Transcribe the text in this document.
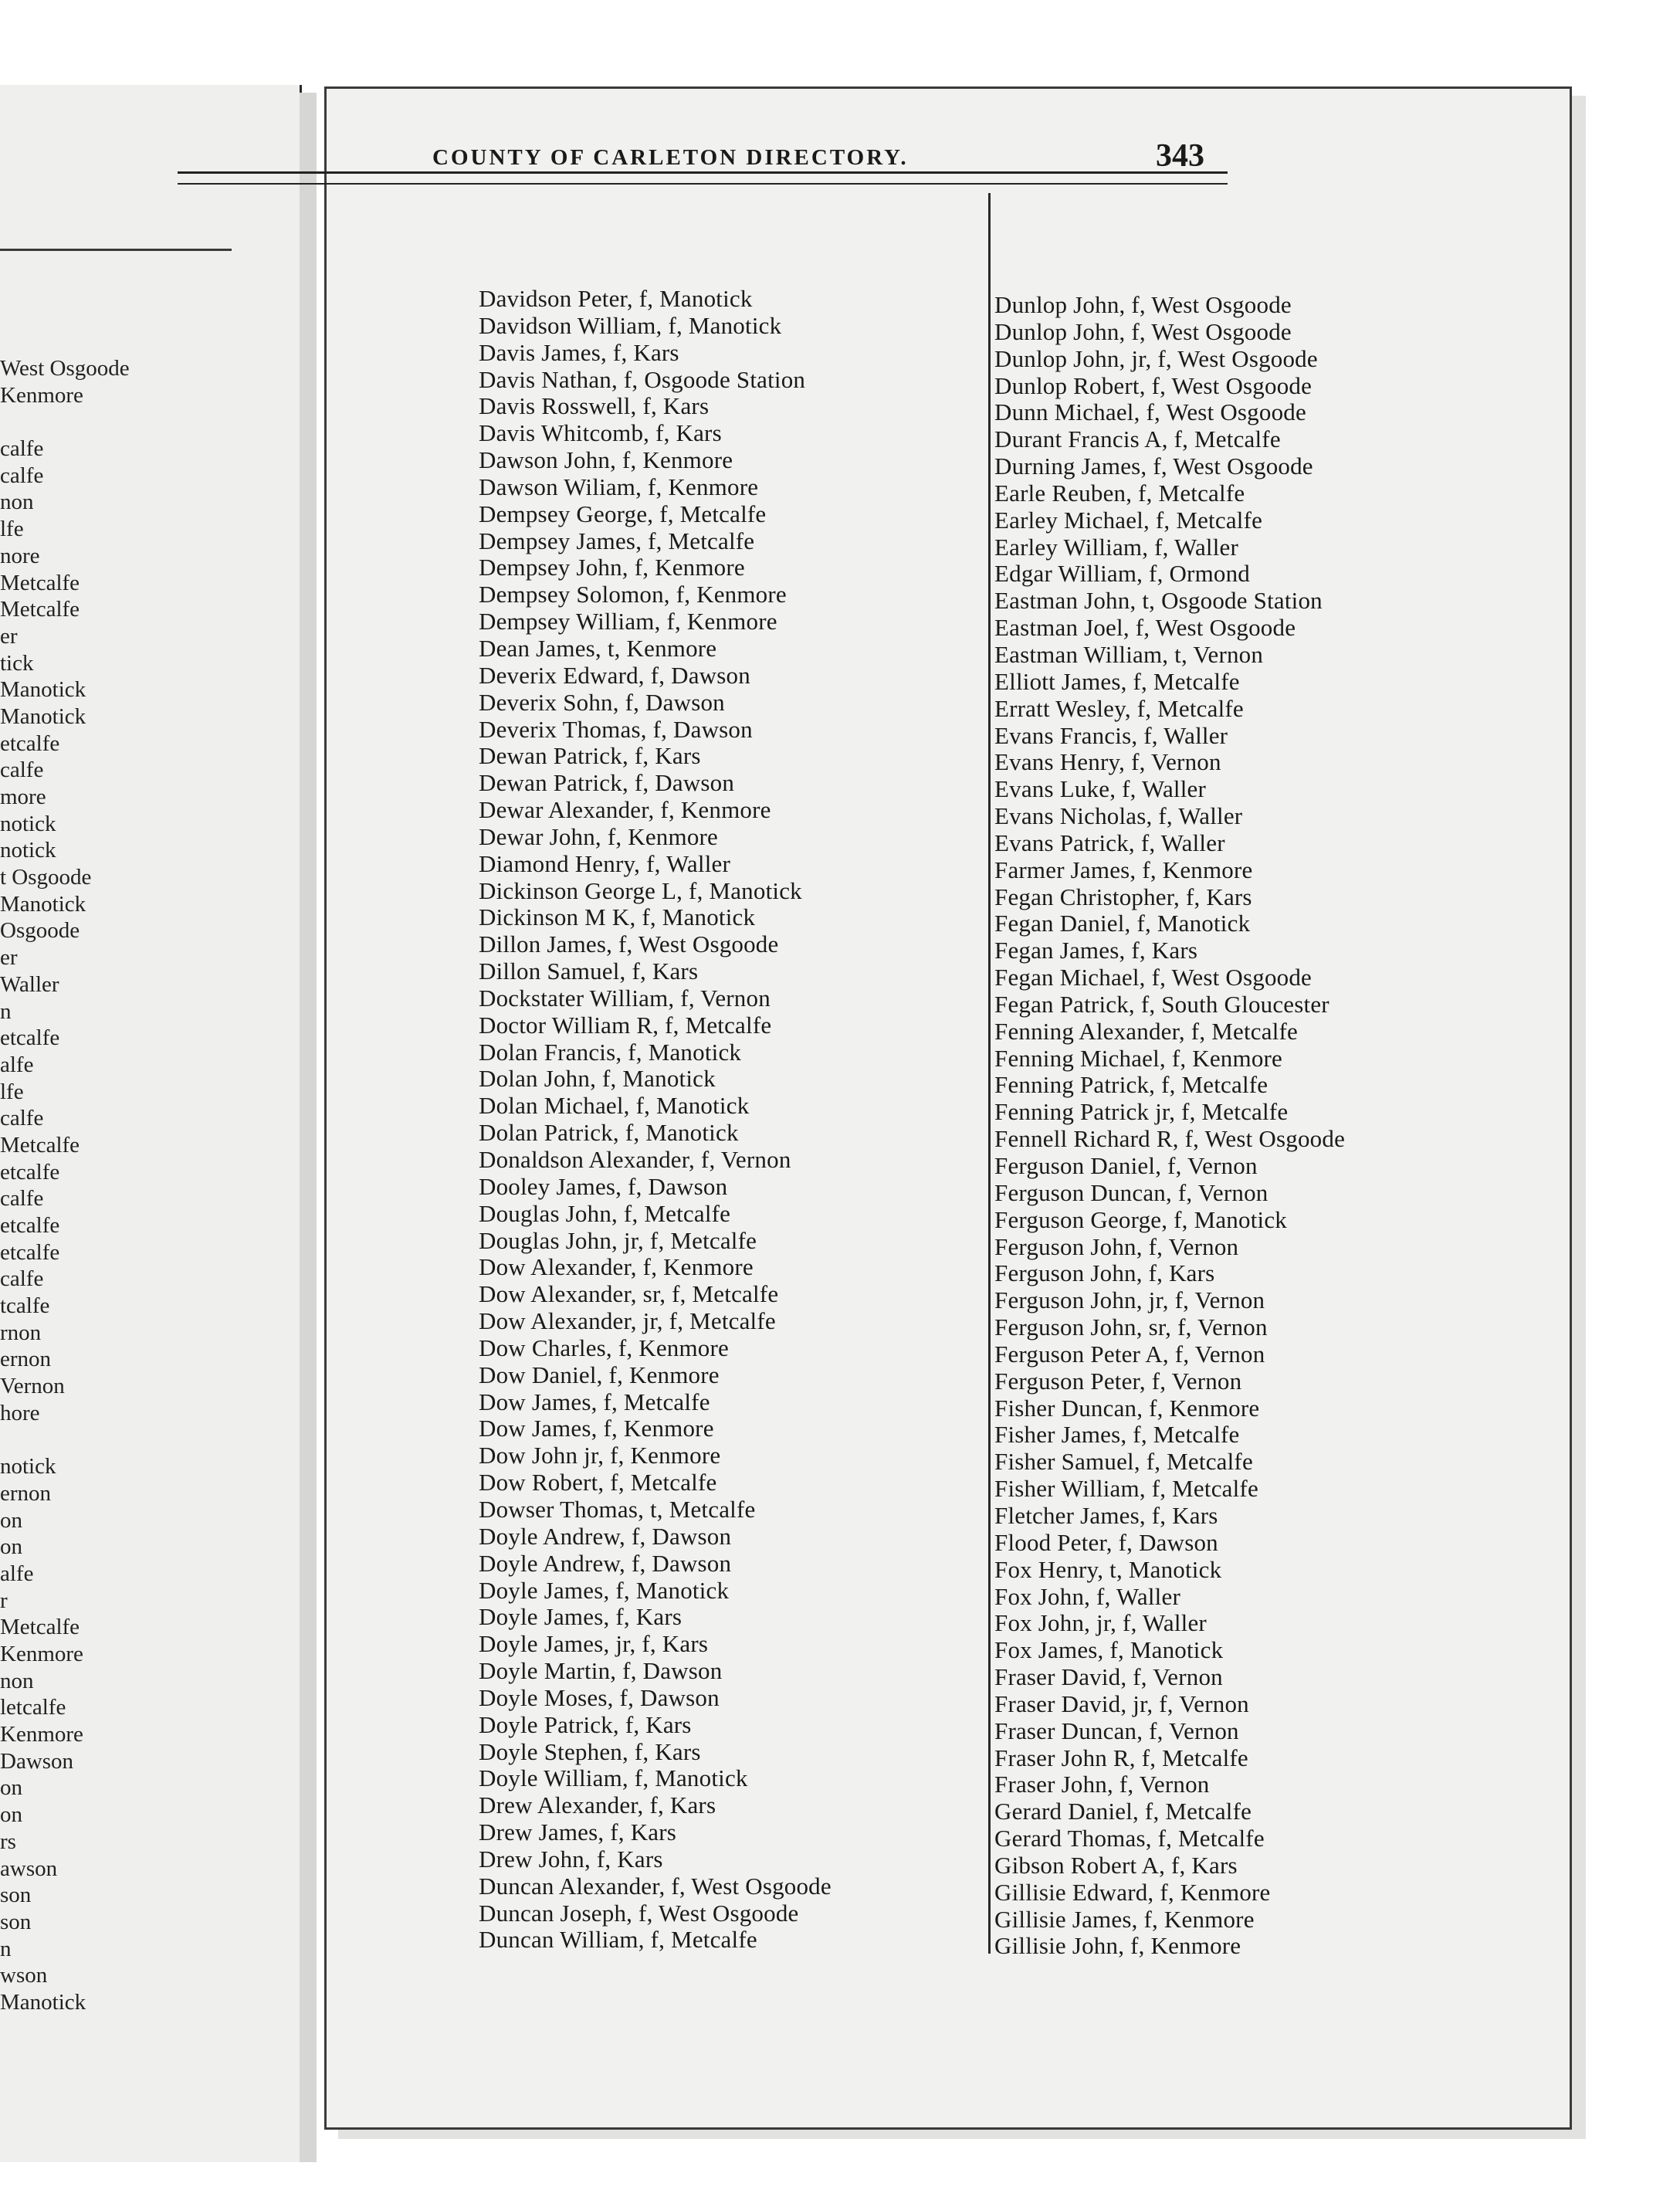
West Osgoode
Kenmore
calfe
calfe
non
lfe
nore
Metcalfe
Metcalfe
er
tick
Manotick
Manotick
etcalfe
calfe
more
notick
notick
t Osgoode
Manotick
Osgoode
er
Waller
n
etcalfe
alfe
lfe
calfe
Metcalfe
etcalfe
calfe
etcalfe
etcalfe
calfe
tcalfe
rnon
ernon
Vernon
hore
notick
ernon
on
on
alfe
r
Metcalfe
Kenmore
non
letcalfe
Kenmore
Dawson
on
on
rs
awson
son
son
n
wson
Manotick
COUNTY OF CARLETON DIRECTORY.	343
Davidson Peter, f, Manotick
Davidson William, f, Manotick
Davis James, f, Kars
Davis Nathan, f, Osgoode Station
Davis Rosswell, f, Kars
Davis Whitcomb, f, Kars
Dawson John, f, Kenmore
Dawson Wiliam, f, Kenmore
Dempsey George, f, Metcalfe
Dempsey James, f, Metcalfe
Dempsey John, f, Kenmore
Dempsey Solomon, f, Kenmore
Dempsey William, f, Kenmore
Dean James, t, Kenmore
Deverix Edward, f, Dawson
Deverix Sohn, f, Dawson
Deverix Thomas, f, Dawson
Dewan Patrick, f, Kars
Dewan Patrick, f, Dawson
Dewar Alexander, f, Kenmore
Dewar John, f, Kenmore
Diamond Henry, f, Waller
Dickinson George L, f, Manotick
Dickinson M K, f, Manotick
Dillon James, f, West Osgoode
Dillon Samuel, f, Kars
Dockstater William, f, Vernon
Doctor William R, f, Metcalfe
Dolan Francis, f, Manotick
Dolan John, f, Manotick
Dolan Michael, f, Manotick
Dolan Patrick, f, Manotick
Donaldson Alexander, f, Vernon
Dooley James, f, Dawson
Douglas John, f, Metcalfe
Douglas John, jr, f, Metcalfe
Dow Alexander, f, Kenmore
Dow Alexander, sr, f, Metcalfe
Dow Alexander, jr, f, Metcalfe
Dow Charles, f, Kenmore
Dow Daniel, f, Kenmore
Dow James, f, Metcalfe
Dow James, f, Kenmore
Dow John jr, f, Kenmore
Dow Robert, f, Metcalfe
Dowser Thomas, t, Metcalfe
Doyle Andrew, f, Dawson
Doyle Andrew, f, Dawson
Doyle James, f, Manotick
Doyle James, f, Kars
Doyle James, jr, f, Kars
Doyle Martin, f, Dawson
Doyle Moses, f, Dawson
Doyle Patrick, f, Kars
Doyle Stephen, f, Kars
Doyle William, f, Manotick
Drew Alexander, f, Kars
Drew James, f, Kars
Drew John, f, Kars
Duncan Alexander, f, West Osgoode
Duncan Joseph, f, West Osgoode
Duncan William, f, Metcalfe
Dunlop John, f, West Osgoode
Dunlop John, f, West Osgoode
Dunlop John, jr, f, West Osgoode
Dunlop Robert, f, West Osgoode
Dunn Michael, f, West Osgoode
Durant Francis A, f, Metcalfe
Durning James, f, West Osgoode
Earle Reuben, f, Metcalfe
Earley Michael, f, Metcalfe
Earley William, f, Waller
Edgar William, f, Ormond
Eastman John, t, Osgoode Station
Eastman Joel, f, West Osgoode
Eastman William, t, Vernon
Elliott James, f, Metcalfe
Erratt Wesley, f, Metcalfe
Evans Francis, f, Waller
Evans Henry, f, Vernon
Evans Luke, f, Waller
Evans Nicholas, f, Waller
Evans Patrick, f, Waller
Farmer James, f, Kenmore
Fegan Christopher, f, Kars
Fegan Daniel, f, Manotick
Fegan James, f, Kars
Fegan Michael, f, West Osgoode
Fegan Patrick, f, South Gloucester
Fenning Alexander, f, Metcalfe
Fenning Michael, f, Kenmore
Fenning Patrick, f, Metcalfe
Fenning Patrick jr, f, Metcalfe
Fennell Richard R, f, West Osgoode
Ferguson Daniel, f, Vernon
Ferguson Duncan, f, Vernon
Ferguson George, f, Manotick
Ferguson John, f, Vernon
Ferguson John, f, Kars
Ferguson John, jr, f, Vernon
Ferguson John, sr, f, Vernon
Ferguson Peter A, f, Vernon
Ferguson Peter, f, Vernon
Fisher Duncan, f, Kenmore
Fisher James, f, Metcalfe
Fisher Samuel, f, Metcalfe
Fisher William, f, Metcalfe
Fletcher James, f, Kars
Flood Peter, f, Dawson
Fox Henry, t, Manotick
Fox John, f, Waller
Fox John, jr, f, Waller
Fox James, f, Manotick
Fraser David, f, Vernon
Fraser David, jr, f, Vernon
Fraser Duncan, f, Vernon
Fraser John R, f, Metcalfe
Fraser John, f, Vernon
Gerard Daniel, f, Metcalfe
Gerard Thomas, f, Metcalfe
Gibson Robert A, f, Kars
Gillisie Edward, f, Kenmore
Gillisie James, f, Kenmore
Gillisie John, f, Kenmore
